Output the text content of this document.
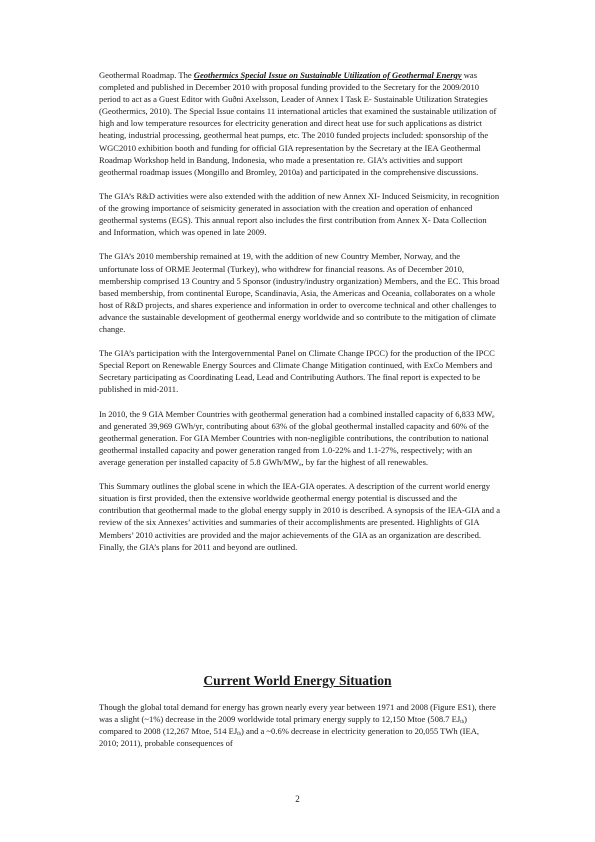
Geothermal Roadmap. The Geothermics Special Issue on Sustainable Utilization of Geothermal Energy was completed and published in December 2010 with proposal funding provided to the Secretary for the 2009/2010 period to act as a Guest Editor with Guðni Axelsson, Leader of Annex I Task E- Sustainable Utilization Strategies (Geothermics, 2010). The Special Issue contains 11 international articles that examined the sustainable utilization of high and low temperature resources for electricity generation and direct heat use for such applications as district heating, industrial processing, geothermal heat pumps, etc. The 2010 funded projects included: sponsorship of the WGC2010 exhibition booth and funding for official GIA representation by the Secretary at the IEA Geothermal Roadmap Workshop held in Bandung, Indonesia, who made a presentation re. GIA’s activities and support geothermal roadmap issues (Mongillo and Bromley, 2010a) and participated in the comprehensive discussions.

The GIA’s R&D activities were also extended with the addition of new Annex XI- Induced Seismicity, in recognition of the growing importance of seismicity generated in association with the creation and operation of enhanced geothermal systems (EGS). This annual report also includes the first contribution from Annex X- Data Collection and Information, which was opened in late 2009.

The GIA’s 2010 membership remained at 19, with the addition of new Country Member, Norway, and the unfortunate loss of ORME Jeotermal (Turkey), who withdrew for financial reasons. As of December 2010, membership comprised 13 Country and 5 Sponsor (industry/industry organization) Members, and the EC. This broad based membership, from continental Europe, Scandinavia, Asia, the Americas and Oceania, collaborates on a whole host of R&D projects, and shares experience and information in order to overcome technical and other challenges to advance the sustainable development of geothermal energy worldwide and so contribute to the mitigation of climate change.

The GIA’s participation with the Intergovernmental Panel on Climate Change IPCC) for the production of the IPCC Special Report on Renewable Energy Sources and Climate Change Mitigation continued, with ExCo Members and Secretary participating as Coordinating Lead, Lead and Contributing Authors. The final report is expected to be published in mid-2011.

In 2010, the 9 GIA Member Countries with geothermal generation had a combined installed capacity of 6,833 $MW_e$ and generated 39,969 GWh/yr, contributing about 63% of the global geothermal installed capacity and 60% of the geothermal generation. For GIA Member Countries with non-negligible contributions, the contribution to national geothermal installed capacity and power generation ranged from 1.0-22% and 1.1-27%, respectively; with an average generation per installed capacity of 5.8 GWh/$MW_e$, by far the highest of all renewables.

This Summary outlines the global scene in which the IEA-GIA operates. A description of the current world energy situation is first provided, then the extensive worldwide geothermal energy potential is discussed and the contribution that geothermal made to the global energy supply in 2010 is described. A synopsis of the IEA-GIA and a review of the six Annexes’ activities and summaries of their accomplishments are presented. Highlights of GIA Members’ 2010 activities are provided and the major achievements of the GIA as an organization are described. Finally, the GIA’s plans for 2011 and beyond are outlined.

Current World Energy Situation

Though the global total demand for energy has grown nearly every year between 1971 and 2008 (Figure ES1), there was a slight (~1%) decrease in the 2009 worldwide total primary energy supply to 12,150 Mtoe (508.7 $EJ_{th}$) compared to 2008 (12,267 Mtoe, 514 $EJ_{th}$) and a ~0.6% decrease in electricity generation to 20,055 TWh (IEA, 2010; 2011), probable consequences of

2
